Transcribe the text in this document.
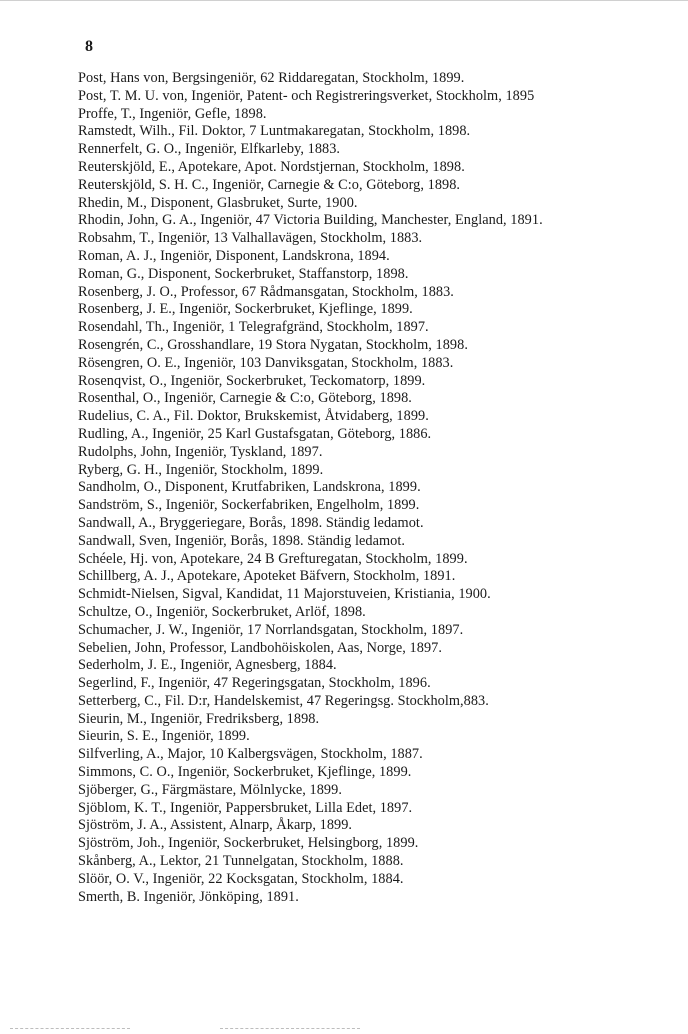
8
Post, Hans von, Bergsingeniör, 62 Riddaregatan, Stockholm, 1899.
Post, T. M. U. von, Ingeniör, Patent- och Registreringsverket, Stockholm, 1895
Proffe, T., Ingeniör, Gefle, 1898.
Ramstedt, Wilh., Fil. Doktor, 7 Luntmakaregatan, Stockholm, 1898.
Rennerfelt, G. O., Ingeniör, Elfkarleby, 1883.
Reuterskjöld, E., Apotekare, Apot. Nordstjernan, Stockholm, 1898.
Reuterskjöld, S. H. C., Ingeniör, Carnegie & C:o, Göteborg, 1898.
Rhedin, M., Disponent, Glasbruket, Surte, 1900.
Rhodin, John, G. A., Ingeniör, 47 Victoria Building, Manchester, England, 1891.
Robsahm, T., Ingeniör, 13 Valhallavägen, Stockholm, 1883.
Roman, A. J., Ingeniör, Disponent, Landskrona, 1894.
Roman, G., Disponent, Sockerbruket, Staffanstorp, 1898.
Rosenberg, J. O., Professor, 67 Rådmansgatan, Stockholm, 1883.
Rosenberg, J. E., Ingeniör, Sockerbruket, Kjeflinge, 1899.
Rosendahl, Th., Ingeniör, 1 Telegrafgränd, Stockholm, 1897.
Rosengrén, C., Grosshandlare, 19 Stora Nygatan, Stockholm, 1898.
Rösengren, O. E., Ingeniör, 103 Danviksgatan, Stockholm, 1883.
Rosenqvist, O., Ingeniör, Sockerbruket, Teckomatorp, 1899.
Rosenthal, O., Ingeniör, Carnegie & C:o, Göteborg, 1898.
Rudelius, C. A., Fil. Doktor, Brukskemist, Åtvidaberg, 1899.
Rudling, A., Ingeniör, 25 Karl Gustafsgatan, Göteborg, 1886.
Rudolphs, John, Ingeniör, Tyskland, 1897.
Ryberg, G. H., Ingeniör, Stockholm, 1899.
Sandholm, O., Disponent, Krutfabriken, Landskrona, 1899.
Sandström, S., Ingeniör, Sockerfabriken, Engelholm, 1899.
Sandwall, A., Bryggeriegare, Borås, 1898. Ständig ledamot.
Sandwall, Sven, Ingeniör, Borås, 1898. Ständig ledamot.
Schéele, Hj. von, Apotekare, 24 B Grefturegatan, Stockholm, 1899.
Schillberg, A. J., Apotekare, Apoteket Bäfvern, Stockholm, 1891.
Schmidt-Nielsen, Sigval, Kandidat, 11 Majorstuveien, Kristiania, 1900.
Schultze, O., Ingeniör, Sockerbruket, Arlöf, 1898.
Schumacher, J. W., Ingeniör, 17 Norrlandsgatan, Stockholm, 1897.
Sebelien, John, Professor, Landbohöiskolen, Aas, Norge, 1897.
Sederholm, J. E., Ingeniör, Agnesberg, 1884.
Segerlind, F., Ingeniör, 47 Regeringsgatan, Stockholm, 1896.
Setterberg, C., Fil. D:r, Handelskemist, 47 Regeringsg. Stockholm,883.
Sieurin, M., Ingeniör, Fredriksberg, 1898.
Sieurin, S. E., Ingeniör, 1899.
Silfverling, A., Major, 10 Kalbergsvägen, Stockholm, 1887.
Simmons, C. O., Ingeniör, Sockerbruket, Kjeflinge, 1899.
Sjöberger, G., Färgmästare, Mölnlycke, 1899.
Sjöblom, K. T., Ingeniör, Pappersbruket, Lilla Edet, 1897.
Sjöström, J. A., Assistent, Alnarp, Åkarp, 1899.
Sjöström, Joh., Ingeniör, Sockerbruket, Helsingborg, 1899.
Skånberg, A., Lektor, 21 Tunnelgatan, Stockholm, 1888.
Slöör, O. V., Ingeniör, 22 Kocksgatan, Stockholm, 1884.
Smerth, B. Ingeniör, Jönköping, 1891.
